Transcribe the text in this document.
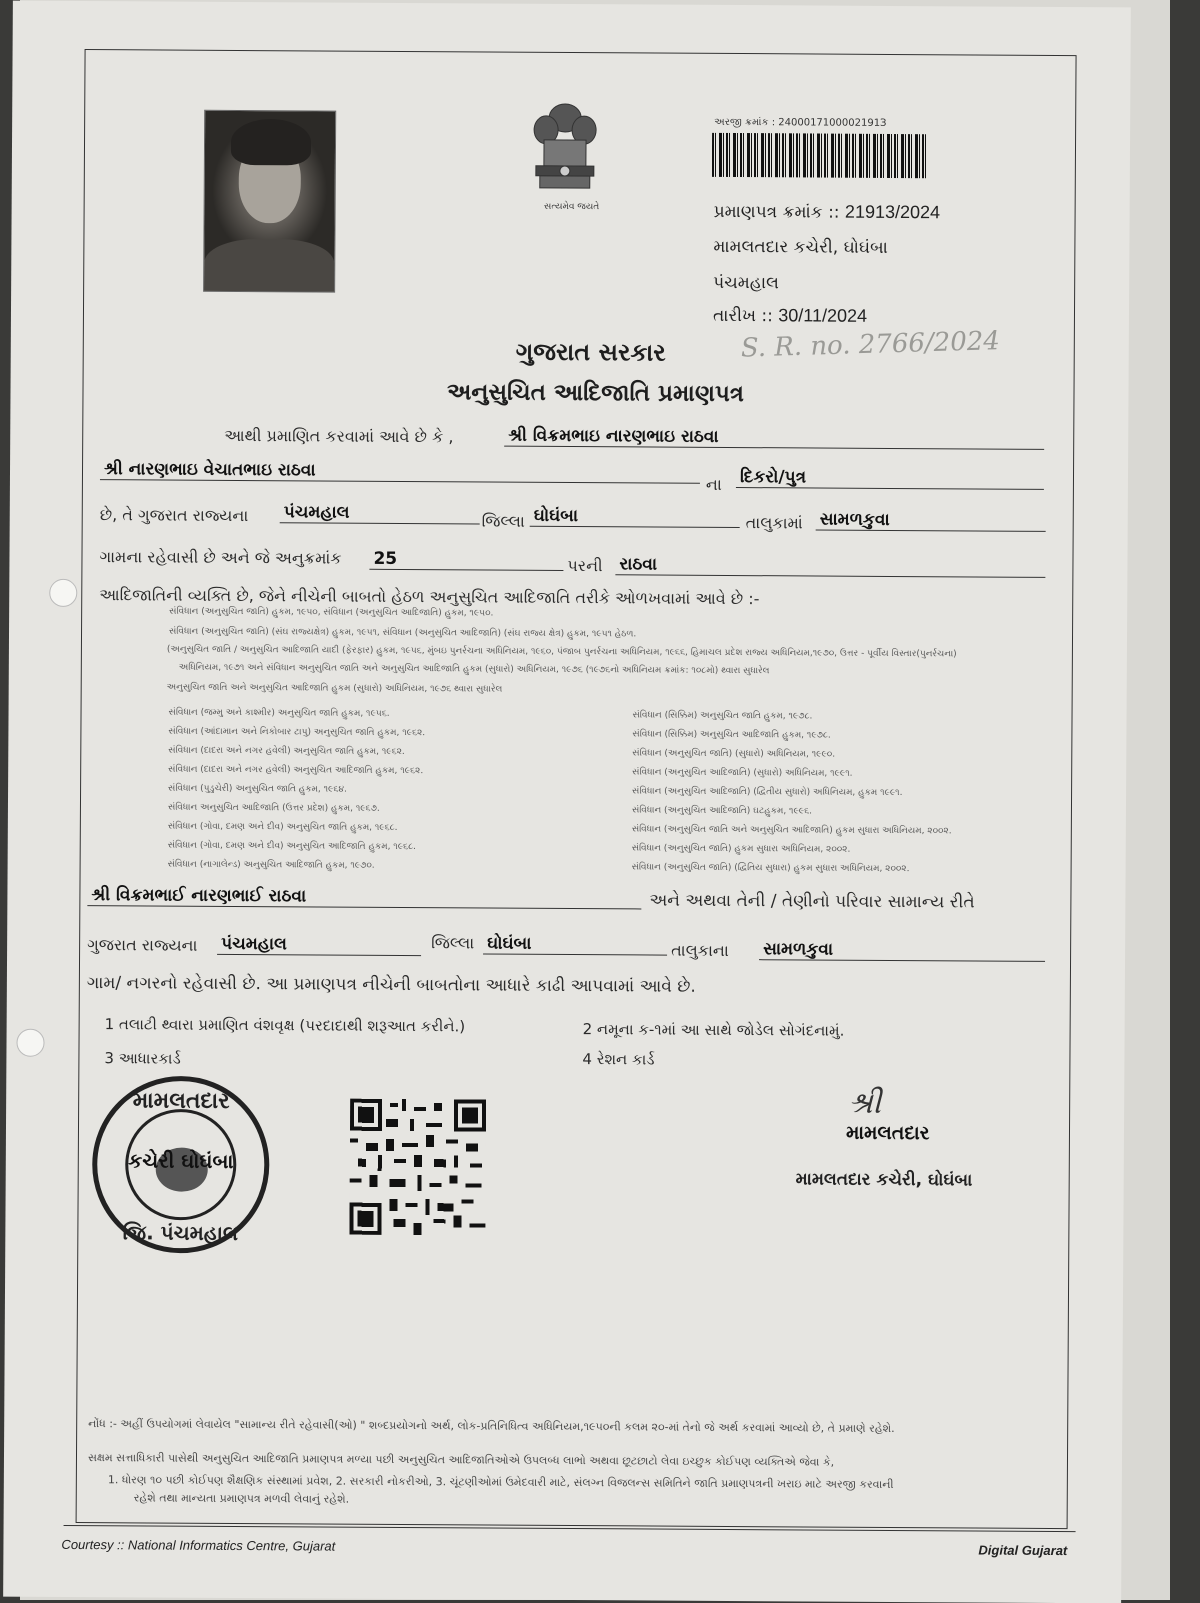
સત્યમેવ જયતે
અરજી ક્રમાંક : 2400017100002191З
પ્રમાણપત્ર ક્રમાંક :: 21913/2024
મામલતદાર કચેરી, ઘોઘંબા
પંચમહાલ
તારીખ :: 30/11/2024
S. R. no. 2766/2024
ગુજરાત સરકાર
અનુસુચિત આદિજાતિ પ્રમાણપત્ર
આથી પ્રમાણિત કરવામાં આવે છે કે ,	શ્રી વિક્રમભાઇ નારણભાઇ રાઠવા
શ્રી નારણભાઇ વેચાતભાઇ રાઠવા
ના દિકરો/પુત્ર
છે, તે ગુજરાત રાજ્યના પંચમહાલ	જિલ્લા ઘોઘંબા	તાલુકામાં સામળકુવા
ગામના રહેવાસી છે અને જે અનુક્રમાંક 25	પરની રાઠવા
આદિજાતિની વ્યક્તિ છે, જેને નીચેની બાબતો હેઠળ અનુસુચિત આદિજાતિ તરીકે ઓળખવામાં આવે છે :-
સંવિધાન (અનુસુચિત જાતિ) હુકમ, ૧૯૫૦, સંવિધાન (અનુસુચિત આદિજાતિ) હુકમ, ૧૯૫૦.
સંવિધાન (અનુસુચિત જાતિ) (સંઘ રાજ્યક્ષેત્ર) હુકમ, ૧૯૫૧, સંવિધાન (અનુસુચિત આદિજાતિ) (સંઘ રાજ્ય ક્ષેત્ર) હુકમ, ૧૯૫૧ હેઠળ.
(અનુસુચિત જાતિ / અનુસુચિત આદિજાતિ યાદી (ફેરફાર) હુકમ, ૧૯૫૬, મુંબઇ પુનર્રચના અધિનિયમ, ૧૯૬૦, પંજાબ પુનર્રચના અધિનિયમ, ૧૯૬૬, હિમાચલ પ્રદેશ રાજ્ય અધિનિયમ,૧૯૭૦, ઉત્તર - પૂર્વીય વિસ્તાર(પુનર્રચના)
અધિનિયમ, ૧૯૭૧ અને સંવિધાન અનુસુચિત જાતિ અને અનુસુચિત આદિજાતિ હુકમ (સુધારો) અધિનિયમ, ૧૯૭૬ (૧૯૭૬નો અધિનિયમ ક્રમાંક: ૧૦૮મો) થ્વારા સુધારેલ
અનુસુચિત જાતિ અને અનુસુચિત આદિજાતિ હુકમ (સુધારો) અધિનિયમ, ૧૯૭૬ થ્વારા સુધારેલ
સંવિધાન (જમ્મુ અને કાશ્મીર) અનુસુચિત જાતિ હુકમ, ૧૯૫૬.
સંવિધાન (આંદામાન અને નિકોબાર ટાપુ) અનુસુચિત જાતિ હુકમ, ૧૯૬૨.
સંવિધાન (દાદરા અને નગર હવેલી) અનુસુચિત જાતિ હુકમ, ૧૯૬૨.
સંવિધાન (દાદરા અને નગર હવેલી) અનુસુચિત આદિજાતિ હુકમ, ૧૯૬૨.
સંવિધાન (પુડુચેરી) અનુસુચિત જાતિ હુકમ, ૧૯૬૪.
સંવિધાન અનુસુચિત આદિજાતિ (ઉત્તર પ્રદેશ) હુકમ, ૧૯૬૭.
સંવિધાન (ગોવા, દમણ અને દીવ) અનુસુચિત જાતિ હુકમ, ૧૯૬૮.
સંવિધાન (ગોવા, દમણ અને દીવ) અનુસુચિત આદિજાતિ હુકમ, ૧૯૬૮.
સંવિધાન (નાગાલેન્ડ) અનુસુચિત આદિજાતિ હુકમ, ૧૯૭૦.
સંવિધાન (સિક્કિમ) અનુસુચિત જાતિ હુકમ, ૧૯૭૮.
સંવિધાન (સિક્કિમ) અનુસુચિત આદિજાતિ હુકમ, ૧૯૭૮.
સંવિધાન (અનુસુચિત જાતિ) (સુધારો) અધિનિયમ, ૧૯૯૦.
સંવિધાન (અનુસુચિત આદિજાતિ) (સુધારો) અધિનિયમ, ૧૯૯૧.
સંવિધાન (અનુસુચિત આદિજાતિ) (દ્વિતીય સુધારો) અધિનિયમ, હુકમ ૧૯૯૧.
સંવિધાન (અનુસુચિત આદિજાતિ) ઘટહુકમ, ૧૯૯૬.
સંવિધાન (અનુસુચિત જાતિ અને અનુસુચિત આદિજાતિ) હુકમ સુધારા અધિનિયમ, ૨૦૦૨.
સંવિધાન (અનુસુચિત જાતિ) હુકમ સુધારા અધિનિયમ, ૨૦૦૨.
સંવિધાન (અનુસુચિત જાતિ) (દ્વિતિય સુધારા) હુકમ સુધારા અધિનિયમ, ૨૦૦૨.
શ્રી વિક્રમભાઈ નારણભાઈ રાઠવા	અને અથવા તેની / તેણીનો પરિવાર સામાન્ય રીતે
ગુજરાત રાજ્યના પંચમહાલ	જિલ્લા ઘોઘંબા	તાલુકાના સામળકુવા
ગામ/ નગરનો રહેવાસી છે. આ પ્રમાણપત્ર નીચેની બાબતોના આધારે કાઢી આપવામાં આવે છે.
1 તલાટી થ્વારા પ્રમાણિત વંશવૃક્ષ (પરદાદાથી શરૂઆત કરીને.)	2 નમૂના ક-૧માં આ સાથે જોડેલ સોગંદનામું.
3 આધારકાર્ડ	4 રેશન કાર્ડ
મામલતદાર
કચેરી ઘોઘંબા
જિ. પંચમહાલ
શ્રી
મામલતદાર
મામલતદાર કચેરી, ઘોઘંબા
નોંધ :- અહીં ઉપયોગમાં લેવાયેલ "સામાન્ય રીતે રહેવાસી(ઓ) " શબ્દપ્રયોગનો અર્થ, લોક-પ્રતિનિધિત્વ અધિનિયમ,૧૯૫૦ની કલમ ૨૦-માં તેનો જે અર્થ કરવામાં આવ્યો છે, તે પ્રમાણે રહેશે.
સક્ષમ સત્તાધિકારી પાસેથી અનુસુચિત આદિજાતિ પ્રમાણપત્ર મળ્યા પછી અનુસુચિત આદિજાતિઓએ ઉપલબ્ધ લાભો અથવા છૂટછાટો લેવા ઇચ્છુક કોઈપણ વ્યક્તિએ જેવા કે,
1. ધોરણ ૧૦ પછી કોઈપણ શૈક્ષણિક સંસ્થામાં પ્રવેશ, 2. સરકારી નોકરીઓ, 3. ચૂંટણીઓમાં ઉમેદવારી માટે, સંલગ્ન વિજલન્સ સમિતિને જાતિ પ્રમાણપત્રની ખરાઇ માટે અરજી કરવાની
રહેશે તથા માન્યતા પ્રમાણપત્ર મળવી લેવાનું રહેશે.
Courtesy :: National Informatics Centre, Gujarat	Digital Gujarat
